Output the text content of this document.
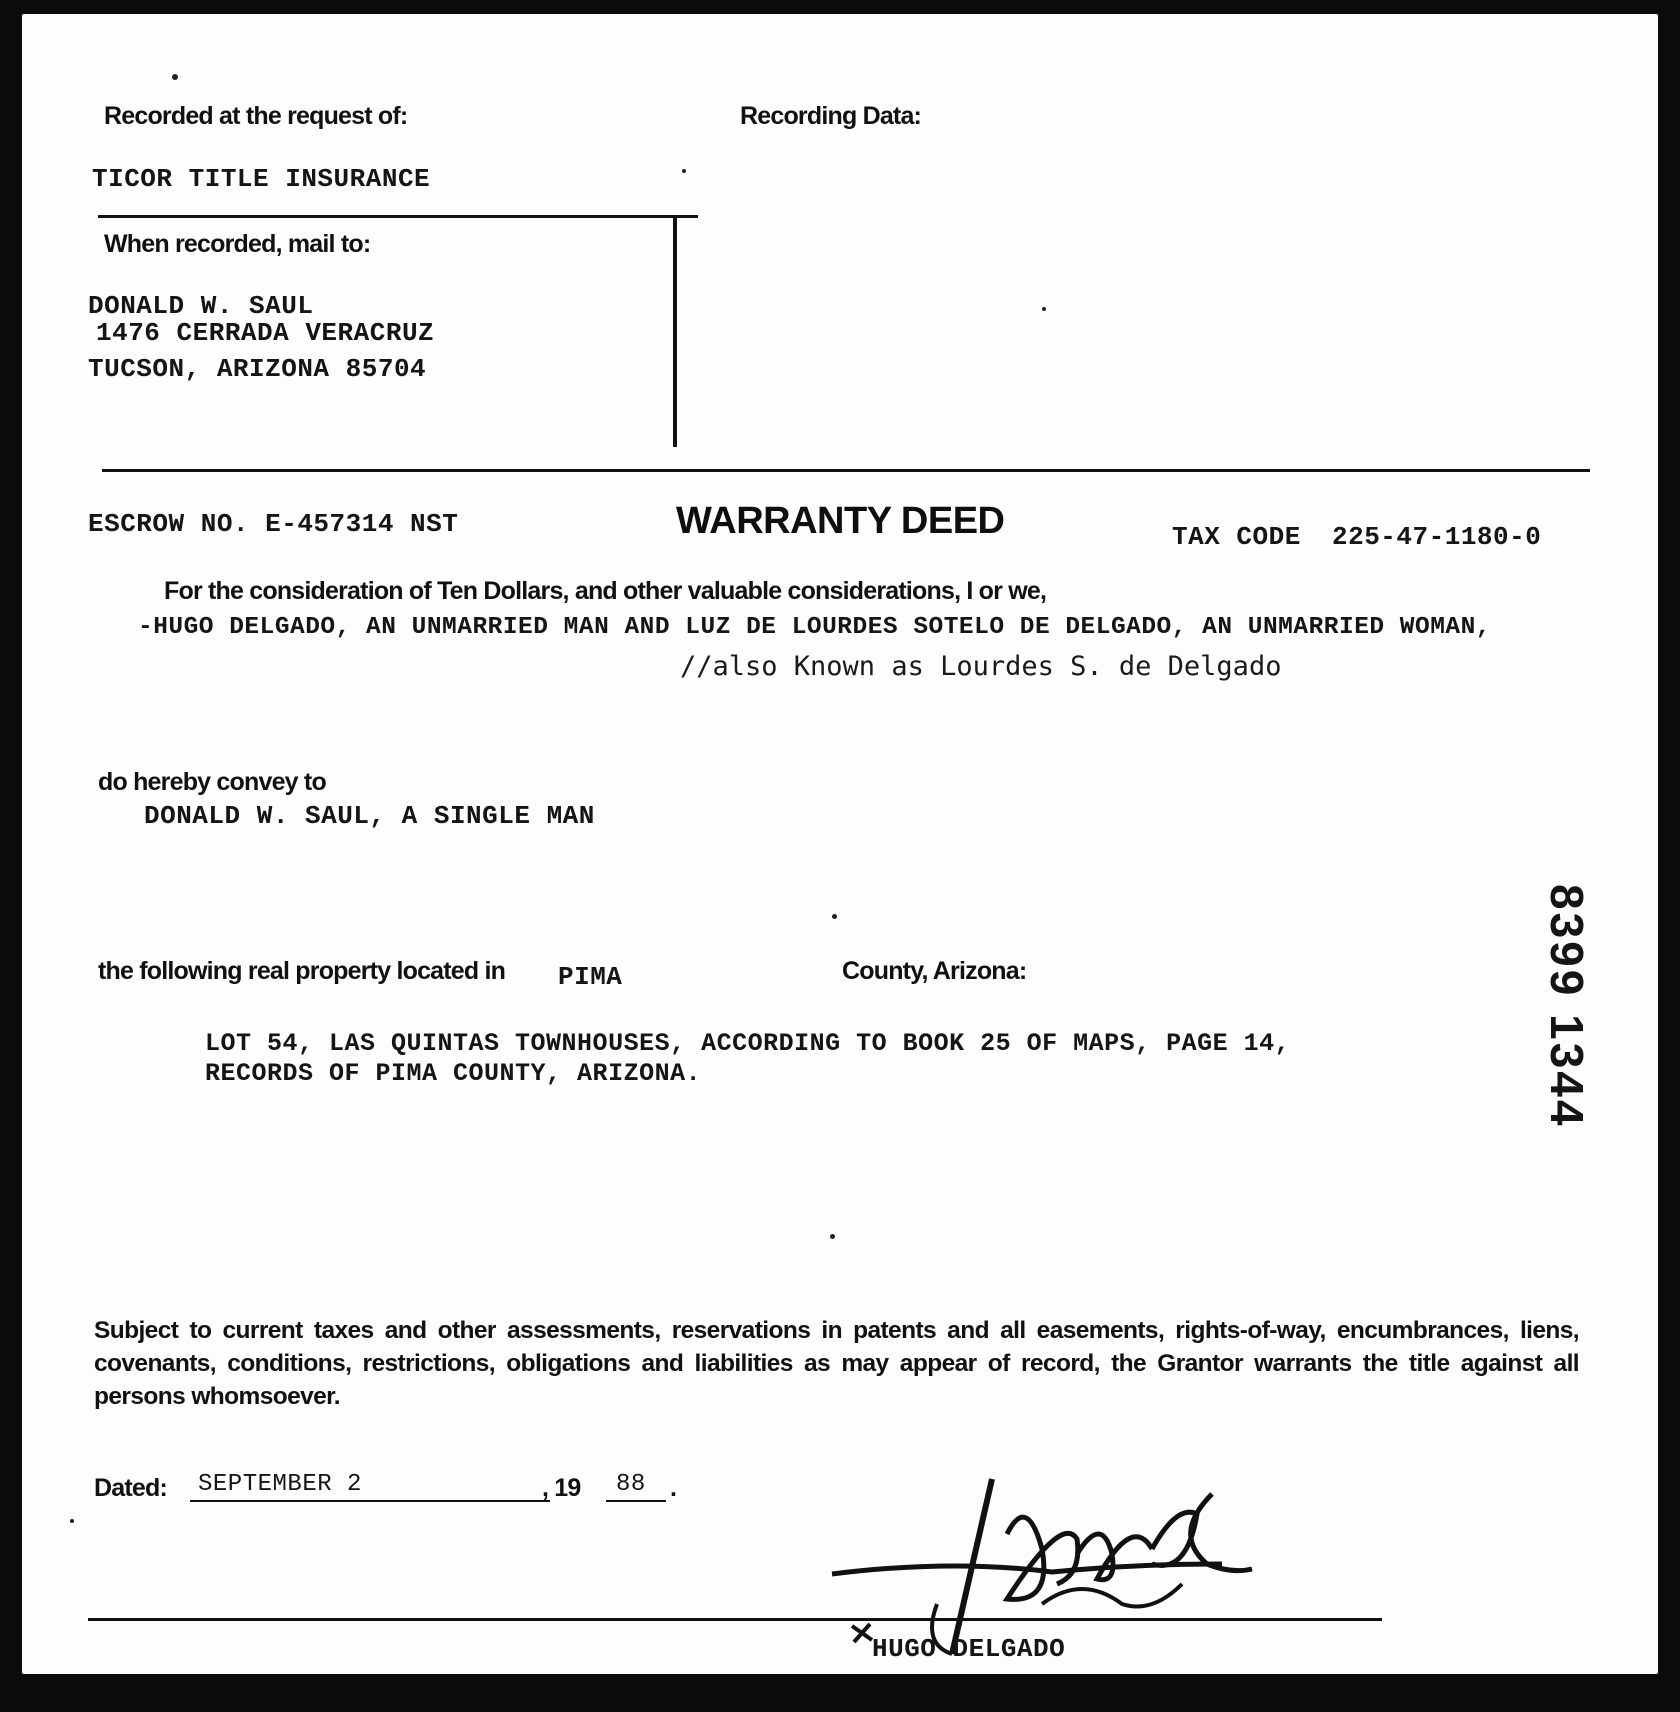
Recorded at the request of:	Recording Data:
TICOR TITLE INSURANCE
When recorded, mail to:
DONALD W. SAUL
1476 CERRADA VERACRUZ
TUCSON, ARIZONA 85704
ESCROW NO. E-457314 NST	WARRANTY DEED	TAX CODE 225-47-1180-0
For the consideration of Ten Dollars, and other valuable considerations, I or we,
-HUGO DELGADO, AN UNMARRIED MAN AND LUZ DE LOURDES SOTELO DE DELGADO, AN UNMARRIED WOMAN,
//also Known as Lourdes S. de Delgado
do hereby convey to
DONALD W. SAUL, A SINGLE MAN
the following real property located in PIMA	County, Arizona:
LOT 54, LAS QUINTAS TOWNHOUSES, ACCORDING TO BOOK 25 OF MAPS, PAGE 14,
RECORDS OF PIMA COUNTY, ARIZONA.	8399 1344
Subject to current taxes and other assessments, reservations in patents and all easements, rights-of-way, encumbrances, liens, covenants, conditions, restrictions, obligations and liabilities as may appear of record, the Grantor warrants the title against all persons whomsoever.
Dated: SEPTEMBER 2	, 19 88 .
HUGO DELGADO
